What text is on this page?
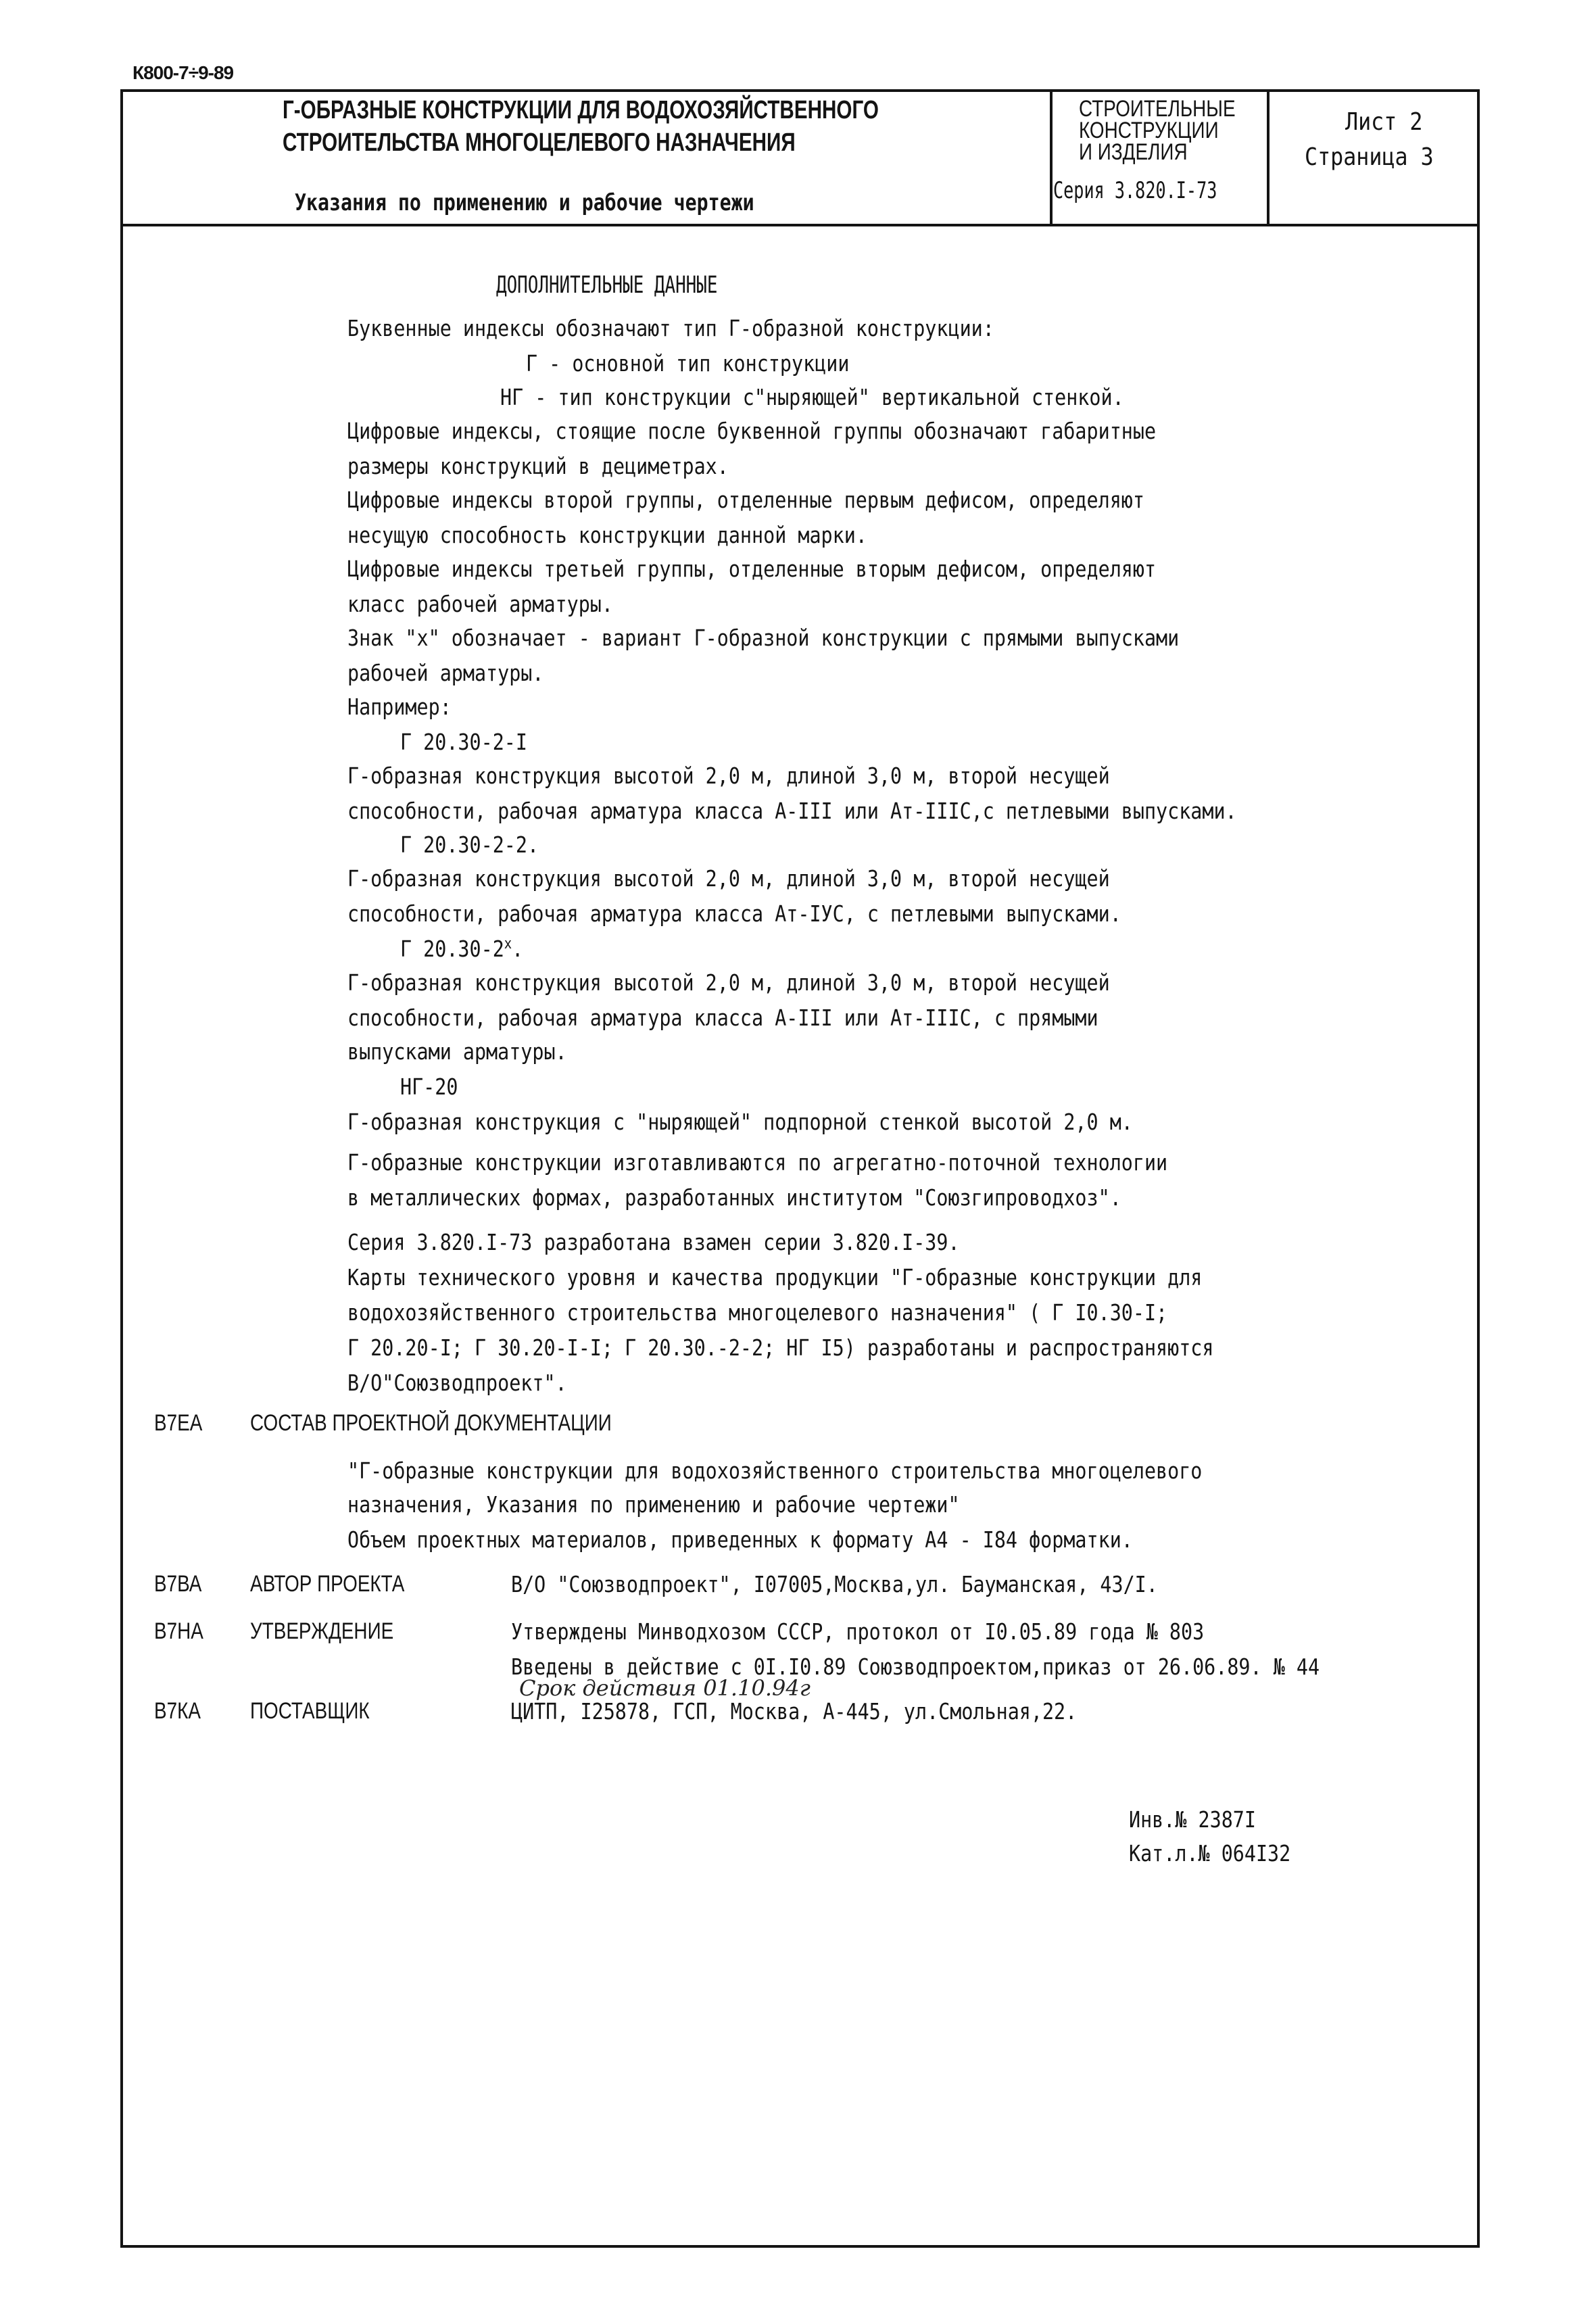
К800-7÷9-89
Г-ОБРАЗНЫЕ КОНСТРУКЦИИ ДЛЯ ВОДОХОЗЯЙСТВЕННОГО
СТРОИТЕЛЬСТВА МНОГОЦЕЛЕВОГО НАЗНАЧЕНИЯ
Указания по применению и рабочие чертежи
СТРОИТЕЛЬНЫЕ
КОНСТРУКЦИИ
И ИЗДЕЛИЯ
Серия 3.820.I-73
Лист 2
Страница 3
ДОПОЛНИТЕЛЬНЫЕ ДАННЫЕ
Буквенные индексы обозначают тип Г-образной конструкции:
Г - основной тип конструкции
НГ - тип конструкции с"ныряющей" вертикальной стенкой.
Цифровые индексы, стоящие после буквенной группы обозначают габаритные
размеры конструкций в дециметрах.
Цифровые индексы второй группы, отделенные первым дефисом, определяют
несущую способность конструкции данной марки.
Цифровые индексы третьей группы, отделенные вторым дефисом, определяют
класс рабочей арматуры.
Знак "х" обозначает - вариант Г-образной конструкции с прямыми выпусками
рабочей арматуры.
Например:
Г 20.30-2-I
Г-образная конструкция высотой 2,0 м, длиной 3,0 м, второй несущей
способности, рабочая арматура класса А-III или Ат-IIIС,с петлевыми выпусками.
Г 20.30-2-2.
Г-образная конструкция высотой 2,0 м, длиной 3,0 м, второй несущей
способности, рабочая арматура класса Ат-IУС, с петлевыми выпусками.
Г $20.30-2^х$.
Г-образная конструкция высотой 2,0 м, длиной 3,0 м, второй несущей
способности, рабочая арматура класса А-III или Ат-IIIС, с прямыми
выпусками арматуры.
НГ-20
Г-образная конструкция с "ныряющей" подпорной стенкой высотой 2,0 м.
Г-образные конструкции изготавливаются по агрегатно-поточной технологии
в металлических формах, разработанных институтом "Союзгипроводхоз".
Серия 3.820.I-73 разработана взамен серии 3.820.I-39.
Карты технического уровня и качества продукции "Г-образные конструкции для
водохозяйственного строительства многоцелевого назначения" ( Г I0.30-I;
Г 20.20-I; Г 30.20-I-I; Г 20.30.-2-2; НГ I5) разработаны и распространяются
В/О"Союзводпроект".
В7ЕА СОСТАВ ПРОЕКТНОЙ ДОКУМЕНТАЦИИ
"Г-образные конструкции для водохозяйственного строительства многоцелевого
назначения, Указания по применению и рабочие чертежи"
Объем проектных материалов, приведенных к формату А4 - I84 форматки.
В7ВА АВТОР ПРОЕКТА	В/О "Союзводпроект", I07005,Москва,ул. Бауманская, 43/I.
В7НА УТВЕРЖДЕНИЕ	Утверждены Минводхозом СССР, протокол от I0.05.89 года № 803
Введены в действие с 0I.I0.89 Союзводпроектом,приказ от 26.06.89. № 44
Срок действия 01.10.94г
В7КА ПОСТАВЩИК	ЦИТП, I25878, ГСП, Москва, А-445, ул.Смольная,22.
Инв.№ 2387I
Кат.л.№ 064I32
